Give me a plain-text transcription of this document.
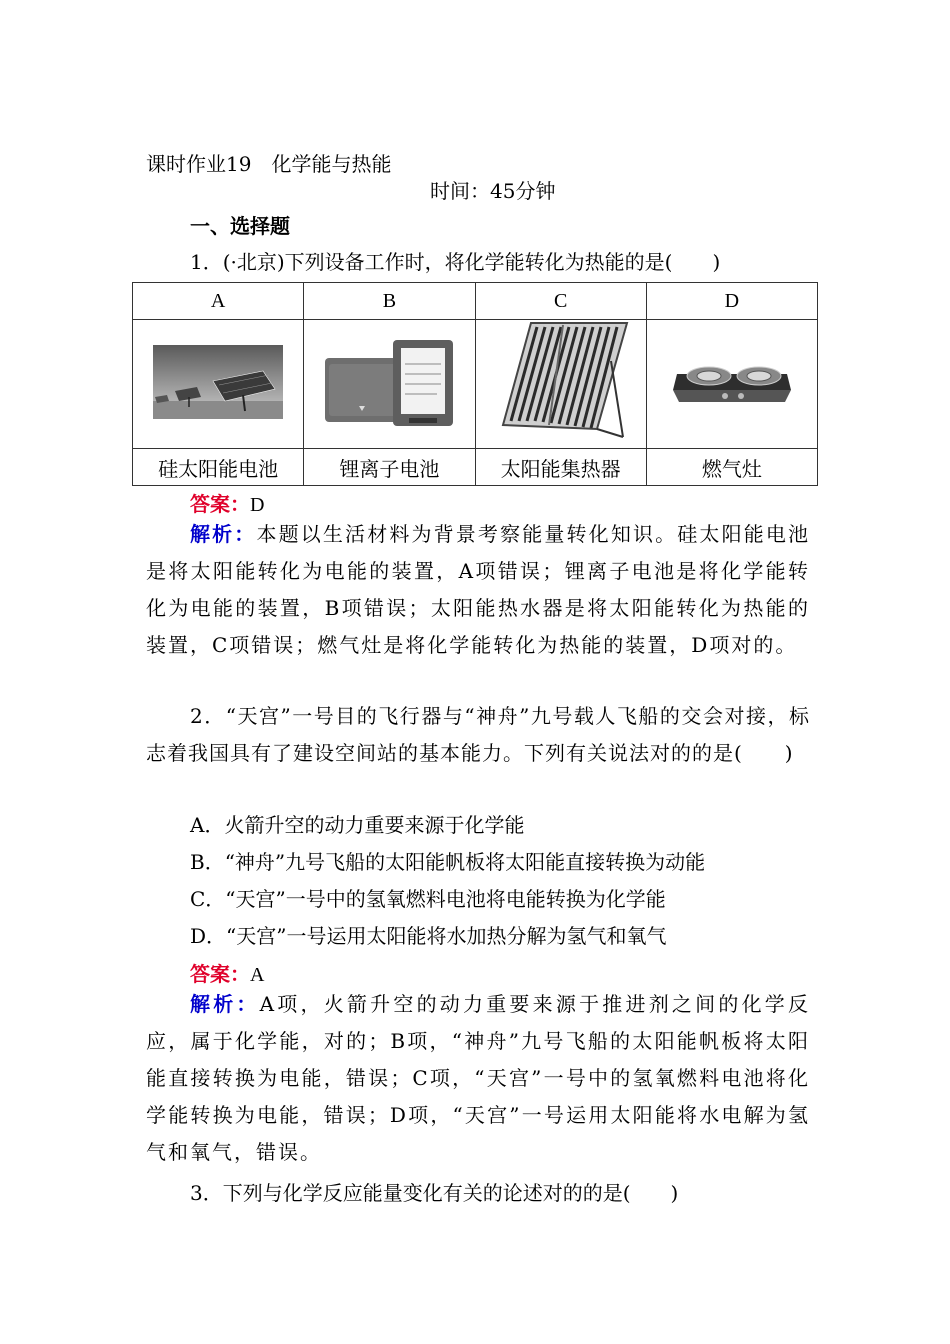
课时作业19　化学能与热能
时间：45分钟
一、选择题
1．(·北京)下列设备工作时，将化学能转化为热能的是(　　)
A	B	C	D

硅太阳能电池	锂离子电池	太阳能集热器	燃气灶
答案：D
解析：本题以生活材料为背景考察能量转化知识。硅太阳能电池是将太阳能转化为电能的装置，A项错误；锂离子电池是将化学能转化为电能的装置，B项错误；太阳能热水器是将太阳能转化为热能的装置，C项错误；燃气灶是将化学能转化为热能的装置，D项对的。
2．“天宫”一号目的飞行器与“神舟”九号载人飞船的交会对接，标志着我国具有了建设空间站的基本能力。下列有关说法对的的是(　　)
A．火箭升空的动力重要来源于化学能
B．“神舟”九号飞船的太阳能帆板将太阳能直接转换为动能
C．“天宫”一号中的氢氧燃料电池将电能转换为化学能
D．“天宫”一号运用太阳能将水加热分解为氢气和氧气
答案：A
解析：A项，火箭升空的动力重要来源于推进剂之间的化学反应，属于化学能，对的；B项，“神舟”九号飞船的太阳能帆板将太阳能直接转换为电能，错误；C项，“天宫”一号中的氢氧燃料电池将化学能转换为电能，错误；D项，“天宫”一号运用太阳能将水电解为氢气和氧气，错误。
3．下列与化学反应能量变化有关的论述对的的是(　　)
